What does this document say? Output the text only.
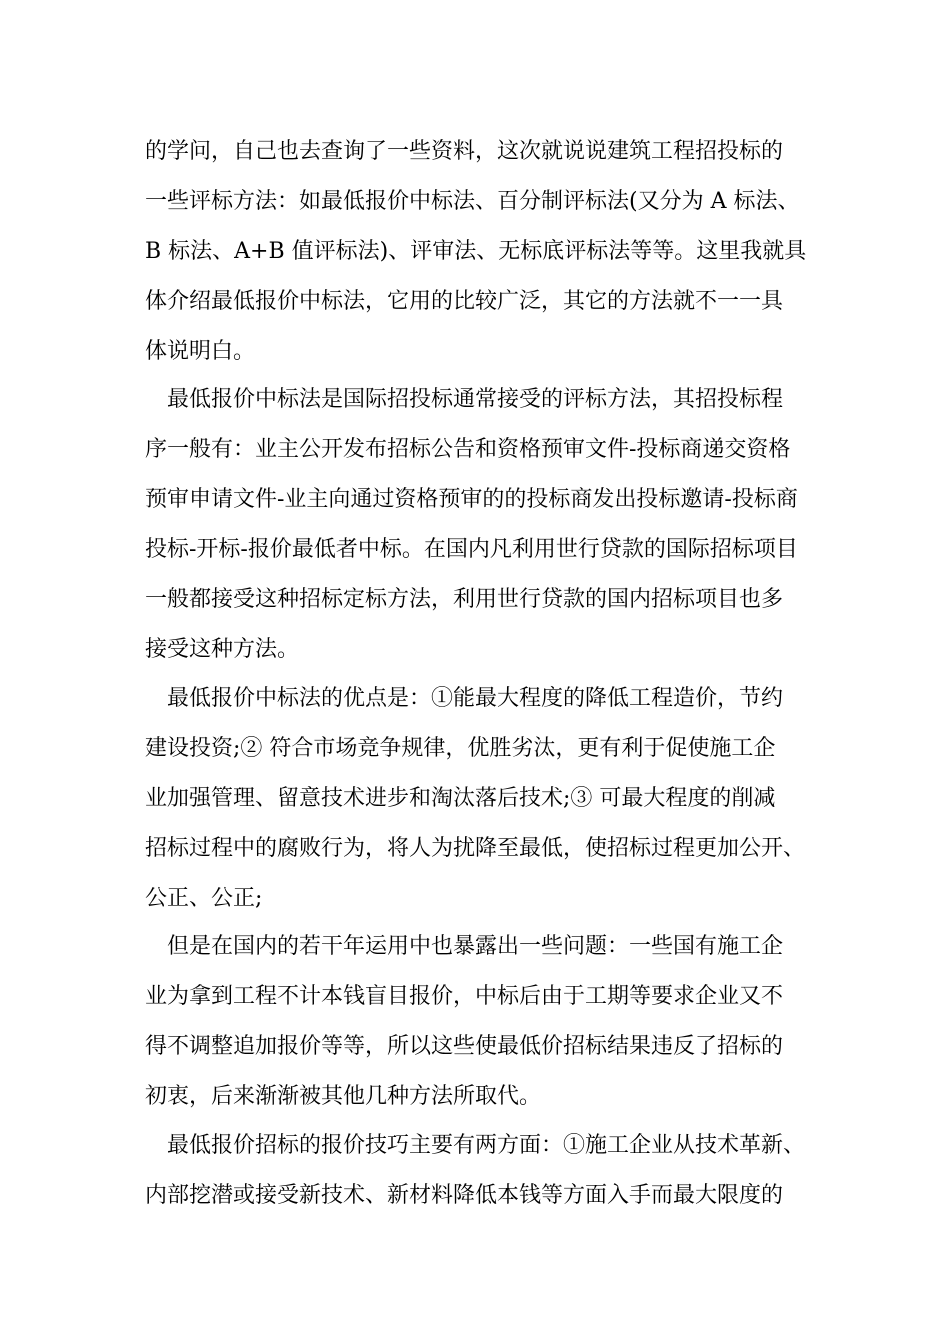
的学问，自己也去查询了一些资料，这次就说说建筑工程招投标的
一些评标方法：如最低报价中标法、百分制评标法(又分为 A 标法、
B 标法、A+B 值评标法)、评审法、无标底评标法等等。这里我就具
体介绍最低报价中标法，它用的比较广泛，其它的方法就不一一具
体说明白。
最低报价中标法是国际招投标通常接受的评标方法，其招投标程
序一般有：业主公开发布招标公告和资格预审文件-投标商递交资格
预审申请文件-业主向通过资格预审的的投标商发出投标邀请-投标商
投标-开标-报价最低者中标。在国内凡利用世行贷款的国际招标项目
一般都接受这种招标定标方法，利用世行贷款的国内招标项目也多
接受这种方法。
最低报价中标法的优点是：①能最大程度的降低工程造价，节约
建设投资;② 符合市场竞争规律，优胜劣汰，更有利于促使施工企
业加强管理、留意技术进步和淘汰落后技术;③ 可最大程度的削减
招标过程中的腐败行为，将人为扰降至最低，使招标过程更加公开、
公正、公正;
但是在国内的若干年运用中也暴露出一些问题：一些国有施工企
业为拿到工程不计本钱盲目报价，中标后由于工期等要求企业又不
得不调整追加报价等等，所以这些使最低价招标结果违反了招标的
初衷，后来渐渐被其他几种方法所取代。
最低报价招标的报价技巧主要有两方面：①施工企业从技术革新、
内部挖潜或接受新技术、新材料降低本钱等方面入手而最大限度的
